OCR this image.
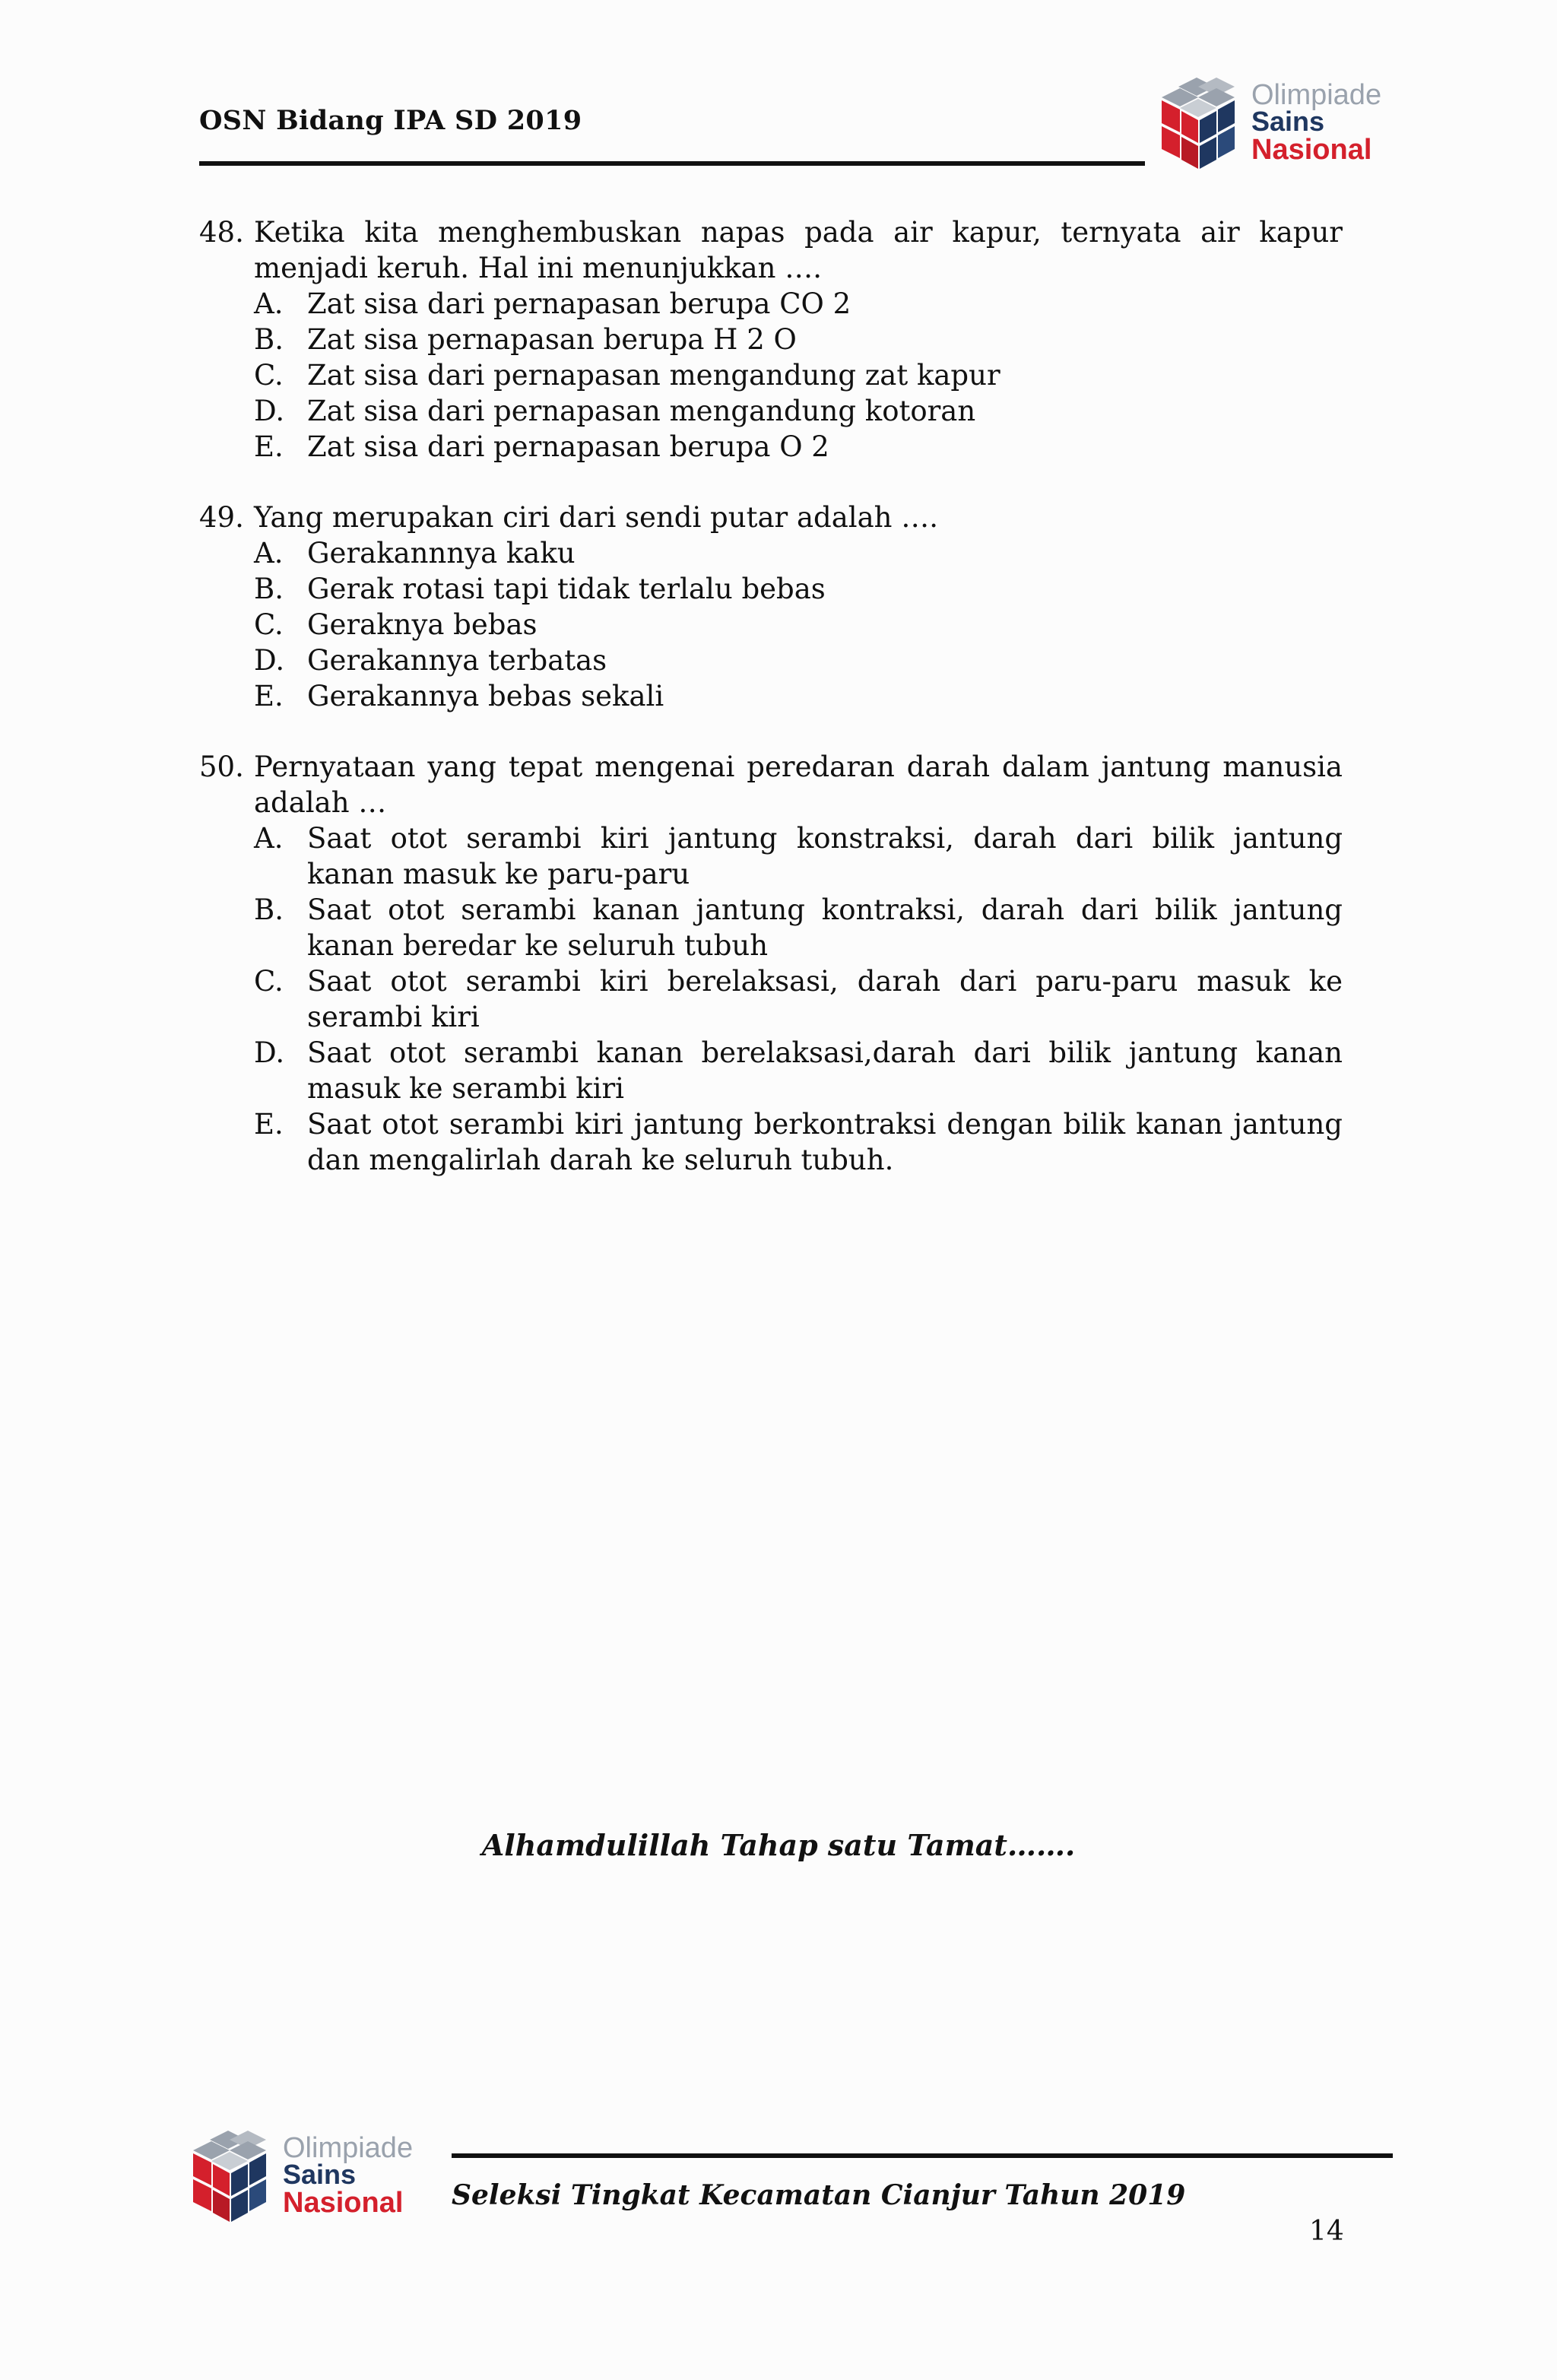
OSN Bidang IPA SD 2019
Olimpiade
Sains
Nasional
48. Ketika kita menghembuskan napas pada air kapur, ternyata air kapur menjadi keruh. Hal ini menunjukkan ….
A. Zat sisa dari pernapasan berupa CO 2
B. Zat sisa pernapasan berupa H 2 O
C. Zat sisa dari pernapasan mengandung zat kapur
D. Zat sisa dari pernapasan mengandung kotoran
E. Zat sisa dari pernapasan berupa O 2
49. Yang merupakan ciri dari sendi putar adalah ….
A. Gerakannnya kaku
B. Gerak rotasi tapi tidak terlalu bebas
C. Geraknya bebas
D. Gerakannya terbatas
E. Gerakannya bebas sekali
50. Pernyataan yang tepat mengenai peredaran darah dalam jantung manusia adalah …
A. Saat otot serambi kiri jantung konstraksi, darah dari bilik jantung kanan masuk ke paru-paru
B. Saat otot serambi kanan jantung kontraksi, darah dari bilik jantung kanan beredar ke seluruh tubuh
C. Saat otot serambi kiri berelaksasi, darah dari paru-paru masuk ke serambi kiri
D. Saat otot serambi kanan berelaksasi,darah dari bilik jantung kanan masuk ke serambi kiri
E. Saat otot serambi kiri jantung berkontraksi dengan bilik kanan jantung dan mengalirlah darah ke seluruh tubuh.
Alhamdulillah Tahap satu Tamat…….
Olimpiade
Sains
Nasional Seleksi Tingkat Kecamatan Cianjur Tahun 2019
14
